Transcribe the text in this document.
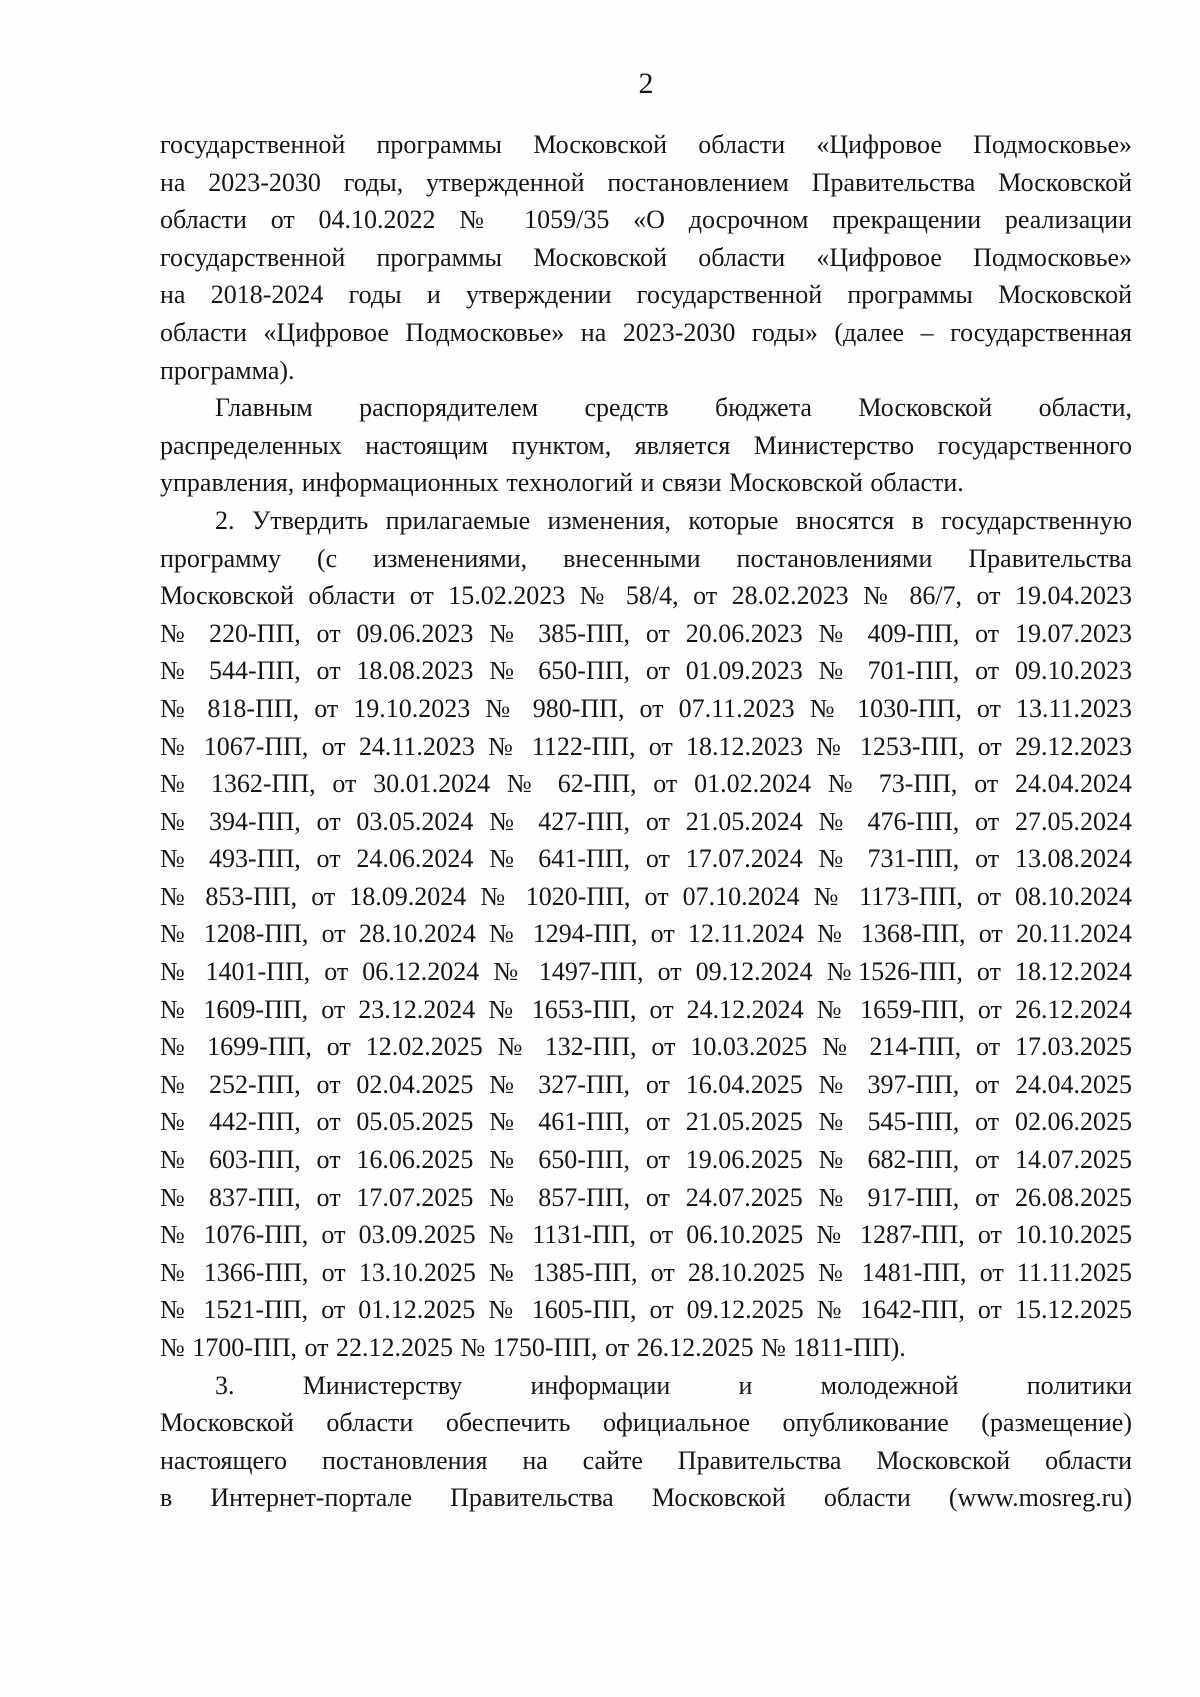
2
государственной программы Московской области «Цифровое Подмосковье»
на 2023-2030 годы, утвержденной постановлением Правительства Московской
области от 04.10.2022 № 1059/35 «О досрочном прекращении реализации
государственной программы Московской области «Цифровое Подмосковье»
на 2018-2024 годы и утверждении государственной программы Московской
области «Цифровое Подмосковье» на 2023-2030 годы» (далее – государственная
программа).
Главным распорядителем средств бюджета Московской области,
распределенных настоящим пунктом, является Министерство государственного
управления, информационных технологий и связи Московской области.
2. Утвердить прилагаемые изменения, которые вносятся в государственную
программу (с изменениями, внесенными постановлениями Правительства
Московской области от 15.02.2023 № 58/4, от 28.02.2023 № 86/7, от 19.04.2023
№ 220-ПП, от 09.06.2023 № 385-ПП, от 20.06.2023 № 409-ПП, от 19.07.2023
№ 544-ПП, от 18.08.2023 № 650-ПП, от 01.09.2023 № 701-ПП, от 09.10.2023
№ 818-ПП, от 19.10.2023 № 980-ПП, от 07.11.2023 № 1030-ПП, от 13.11.2023
№ 1067-ПП, от 24.11.2023 № 1122-ПП, от 18.12.2023 № 1253-ПП, от 29.12.2023
№ 1362-ПП, от 30.01.2024 № 62-ПП, от 01.02.2024 № 73-ПП, от 24.04.2024
№ 394-ПП, от 03.05.2024 № 427-ПП, от 21.05.2024 № 476-ПП, от 27.05.2024
№ 493-ПП, от 24.06.2024 № 641-ПП, от 17.07.2024 № 731-ПП, от 13.08.2024
№ 853-ПП, от 18.09.2024 № 1020-ПП, от 07.10.2024 № 1173-ПП, от 08.10.2024
№ 1208-ПП, от 28.10.2024 № 1294-ПП, от 12.11.2024 № 1368-ПП, от 20.11.2024
№ 1401-ПП, от 06.12.2024 № 1497-ПП, от 09.12.2024 №1526-ПП, от 18.12.2024
№ 1609-ПП, от 23.12.2024 № 1653-ПП, от 24.12.2024 № 1659-ПП, от 26.12.2024
№ 1699-ПП, от 12.02.2025 № 132-ПП, от 10.03.2025 № 214-ПП, от 17.03.2025
№ 252-ПП, от 02.04.2025 № 327-ПП, от 16.04.2025 № 397-ПП, от 24.04.2025
№ 442-ПП, от 05.05.2025 № 461-ПП, от 21.05.2025 № 545-ПП, от 02.06.2025
№ 603-ПП, от 16.06.2025 № 650-ПП, от 19.06.2025 № 682-ПП, от 14.07.2025
№ 837-ПП, от 17.07.2025 № 857-ПП, от 24.07.2025 № 917-ПП, от 26.08.2025
№ 1076-ПП, от 03.09.2025 № 1131-ПП, от 06.10.2025 № 1287-ПП, от 10.10.2025
№ 1366-ПП, от 13.10.2025 № 1385-ПП, от 28.10.2025 № 1481-ПП, от 11.11.2025
№ 1521-ПП, от 01.12.2025 № 1605-ПП, от 09.12.2025 № 1642-ПП, от 15.12.2025
№ 1700-ПП, от 22.12.2025 № 1750-ПП, от 26.12.2025 № 1811-ПП).
3. Министерству информации и молодежной политики
Московской области обеспечить официальное опубликование (размещение)
настоящего постановления на сайте Правительства Московской области
в Интернет-портале Правительства Московской области (www.mosreg.ru)
